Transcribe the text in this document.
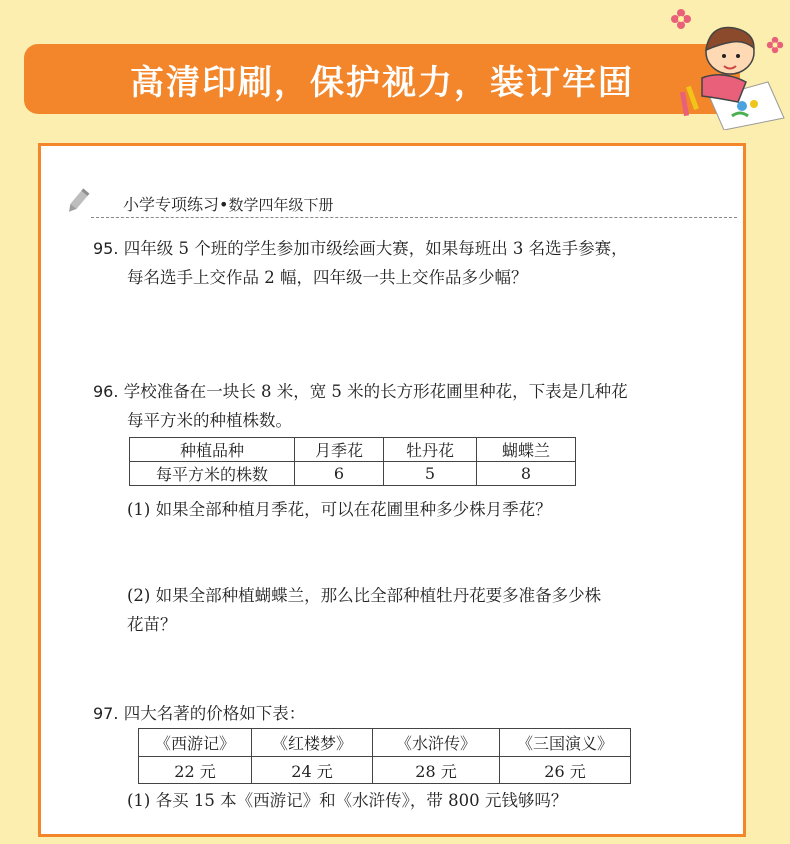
高清印刷，保护视力，装订牢固
小学专项练习•数学四年级下册
95. 四年级 5 个班的学生参加市级绘画大赛，如果每班出 3 名选手参赛，
每名选手上交作品 2 幅，四年级一共上交作品多少幅？
96. 学校准备在一块长 8 米，宽 5 米的长方形花圃里种花，下表是几种花
每平方米的种植株数。
种植品种	月季花	牡丹花	蝴蝶兰
每平方米的株数	6	5	8
(1) 如果全部种植月季花，可以在花圃里种多少株月季花？
(2) 如果全部种植蝴蝶兰，那么比全部种植牡丹花要多准备多少株
花苗？
97. 四大名著的价格如下表：
《西游记》	《红楼梦》	《水浒传》	《三国演义》
22 元	24 元	28 元	26 元
(1) 各买 15 本《西游记》和《水浒传》，带 800 元钱够吗？
